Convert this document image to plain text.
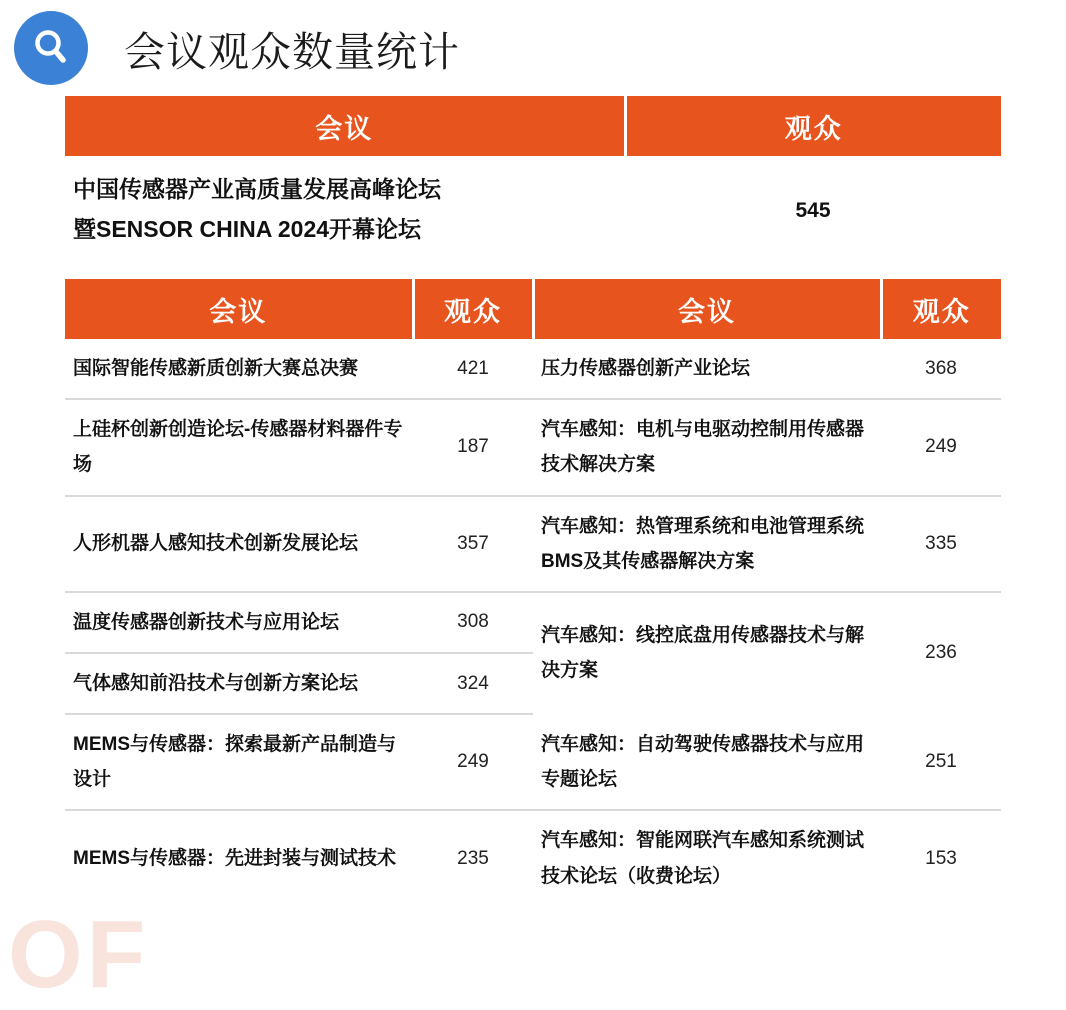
会议观众数量统计
会议	观众

中国传感器产业高质量发展高峰论坛
暨SENSOR CHINA 2024开幕论坛	545
会议	观众	会议	观众
国际智能传感新质创新大赛总决赛	421	压力传感器创新产业论坛	368
上硅杯创新创造论坛-传感器材料器件专场	187	汽车感知：电机与电驱动控制用传感器技术解决方案	249
人形机器人感知技术创新发展论坛	357	汽车感知：热管理系统和电池管理系统BMS及其传感器解决方案	335
温度传感器创新技术与应用论坛	308	汽车感知：线控底盘用传感器技术与解决方案	236
气体感知前沿技术与创新方案论坛	324		
MEMS与传感器：探索最新产品制造与设计	249	汽车感知：自动驾驶传感器技术与应用专题论坛	251
MEMS与传感器：先进封装与测试技术	235	汽车感知：智能网联汽车感知系统测试技术论坛（收费论坛）	153
OF
